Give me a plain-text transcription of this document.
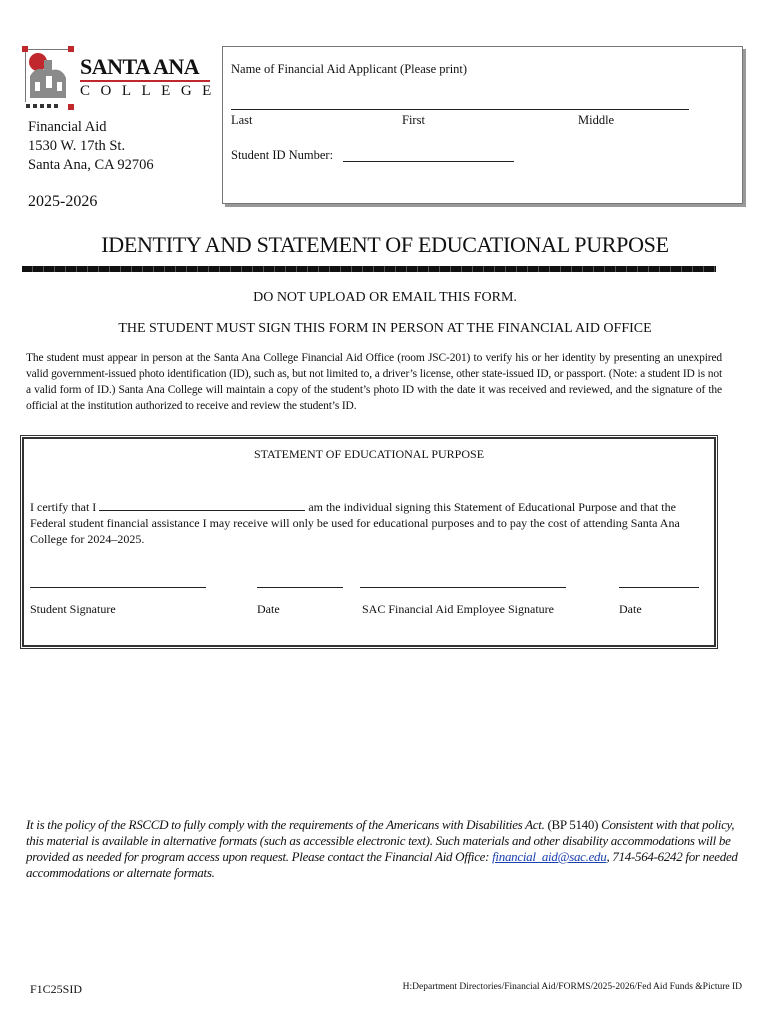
SANTA ANA
COLLEGE
Financial Aid
1530 W. 17th St.
Santa Ana, CA 92706
2025-2026
Name of Financial Aid Applicant (Please print)
Last	First	Middle
Student ID Number:
IDENTITY AND STATEMENT OF EDUCATIONAL PURPOSE
DO NOT UPLOAD OR EMAIL THIS FORM.
THE STUDENT MUST SIGN THIS FORM IN PERSON AT THE FINANCIAL AID OFFICE
The student must appear in person at the Santa Ana College Financial Aid Office (room JSC-201) to verify his or her identity by presenting an unexpired valid government-issued photo identification (ID), such as, but not limited to, a driver’s license, other state-issued ID, or passport. (Note: a student ID is not a valid form of ID.) Santa Ana College will maintain a copy of the student’s photo ID with the date it was received and reviewed, and the signature of the official at the institution authorized to receive and review the student’s ID.
STATEMENT OF EDUCATIONAL PURPOSE
I certify that I	am the individual signing this Statement of Educational Purpose and that the Federal student financial assistance I may receive will only be used for educational purposes and to pay the cost of attending Santa Ana College for 2024–2025.
Student Signature	Date	SAC Financial Aid Employee Signature	Date
It is the policy of the RSCCD to fully comply with the requirements of the Americans with Disabilities Act. (BP 5140) Consistent with that policy, this material is available in alternative formats (such as accessible electronic text). Such materials and other disability accommodations will be provided as needed for program access upon request. Please contact the Financial Aid Office: financial_aid@sac.edu, 714-564-6242 for needed accommodations or alternate formats.
F1C25SID	H:Department Directories/Financial Aid/FORMS/2025-2026/Fed Aid Funds &Picture ID
